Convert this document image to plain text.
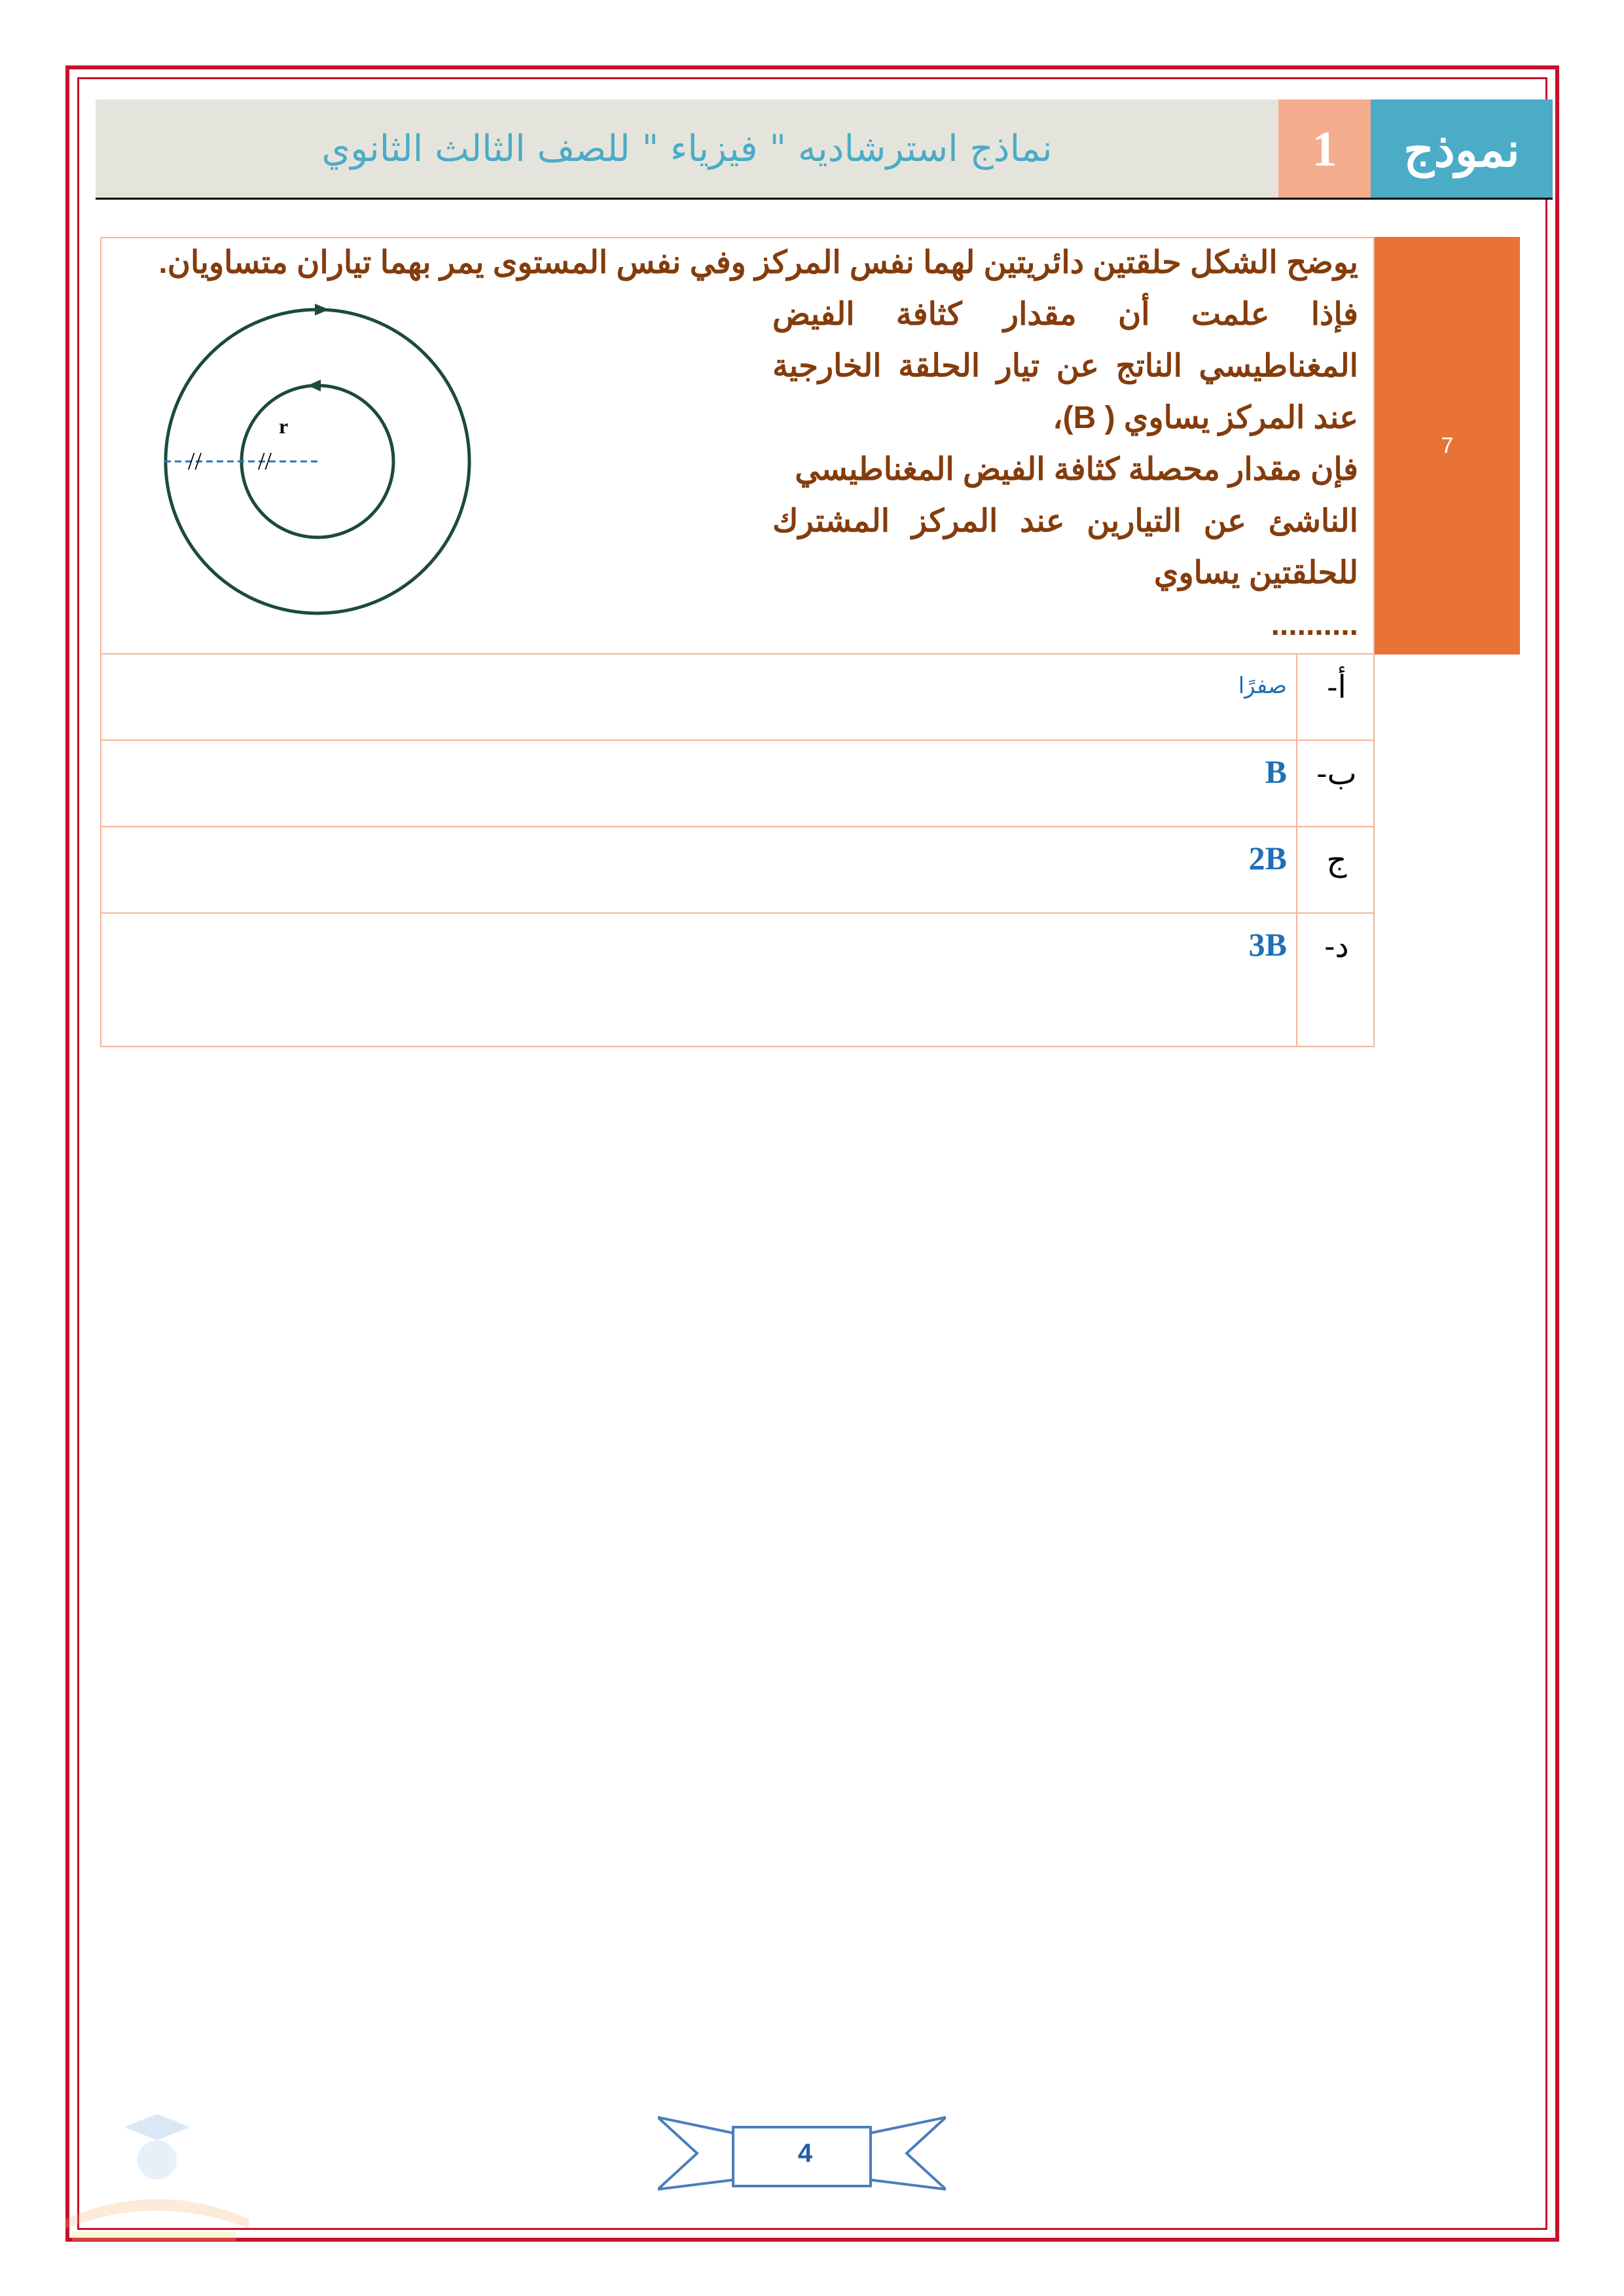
نموذج
1
نماذج استرشاديه " فيزياء " للصف الثالث الثانوي
7

يوضح الشكل حلقتين دائريتين لهما نفس المركز وفي نفس المستوى يمر بهما تياران متساويان.

فإذا علمت أن مقدار كثافة الفيض المغناطيسي الناتج عن تيار الحلقة الخارجية عند المركز يساوي ( B)،

فإن مقدار محصلة كثافة الفيض المغناطيسي

الناشئ عن التيارين عند المركز المشترك للحلقتين يساوي

..........

// //
r
أ-
صفرًا
ب-
B
ج
2B
د-
3B
4
